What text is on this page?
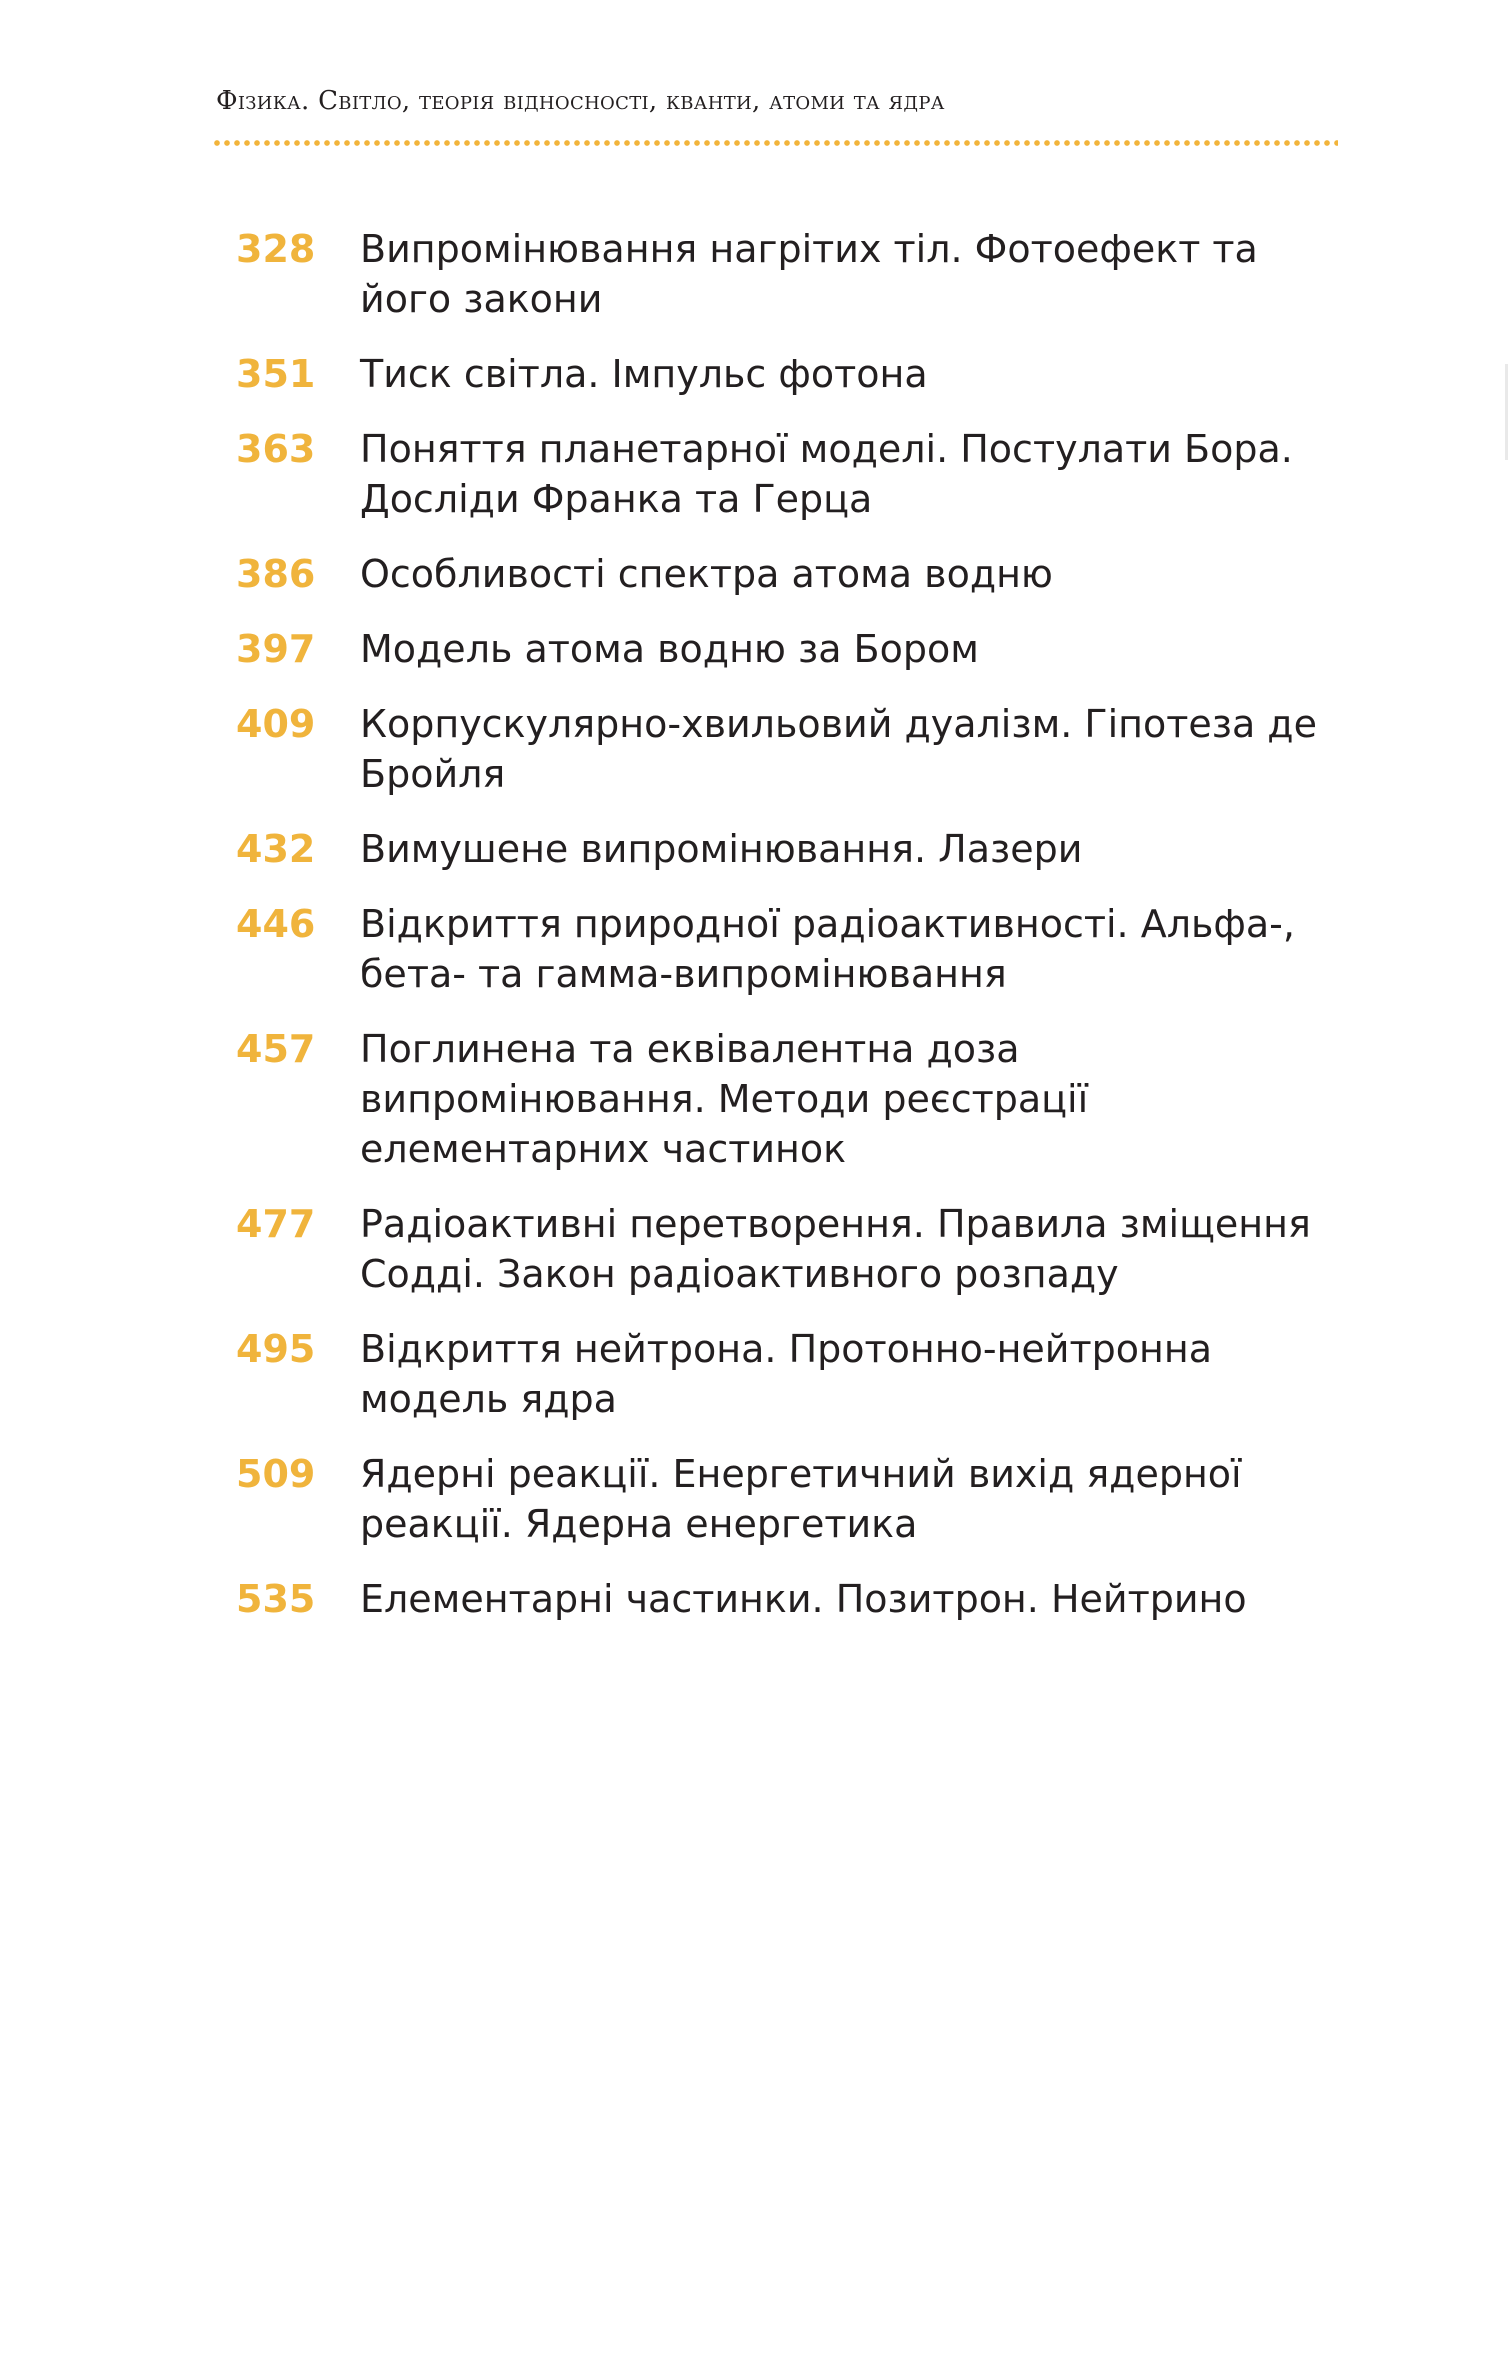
Фізика. Світло, теорія відносності, кванти, атоми та ядра
328	Випромінювання нагрітих тіл. Фотоефект та його закони
351	Тиск світла. Імпульс фотона
363	Поняття планетарної моделі. Постулати Бора. Досліди Франка та Герца
386	Особливості спектра атома водню
397	Модель атома водню за Бором
409	Корпускулярно-хвильовий дуалізм. Гіпотеза де Бройля
432	Вимушене випромінювання. Лазери
446	Відкриття природної радіоактивності. Альфа-, бета- та гамма-випромінювання
457	Поглинена та еквівалентна доза випромінювання. Методи реєстрації елементарних частинок
477	Радіоактивні перетворення. Правила зміщення Содді. Закон радіоактивного розпаду
495	Відкриття нейтрона. Протонно-нейтронна модель ядра
509	Ядерні реакції. Енергетичний вихід ядерної реакції. Ядерна енергетика
535	Елементарні частинки. Позитрон. Нейтрино
